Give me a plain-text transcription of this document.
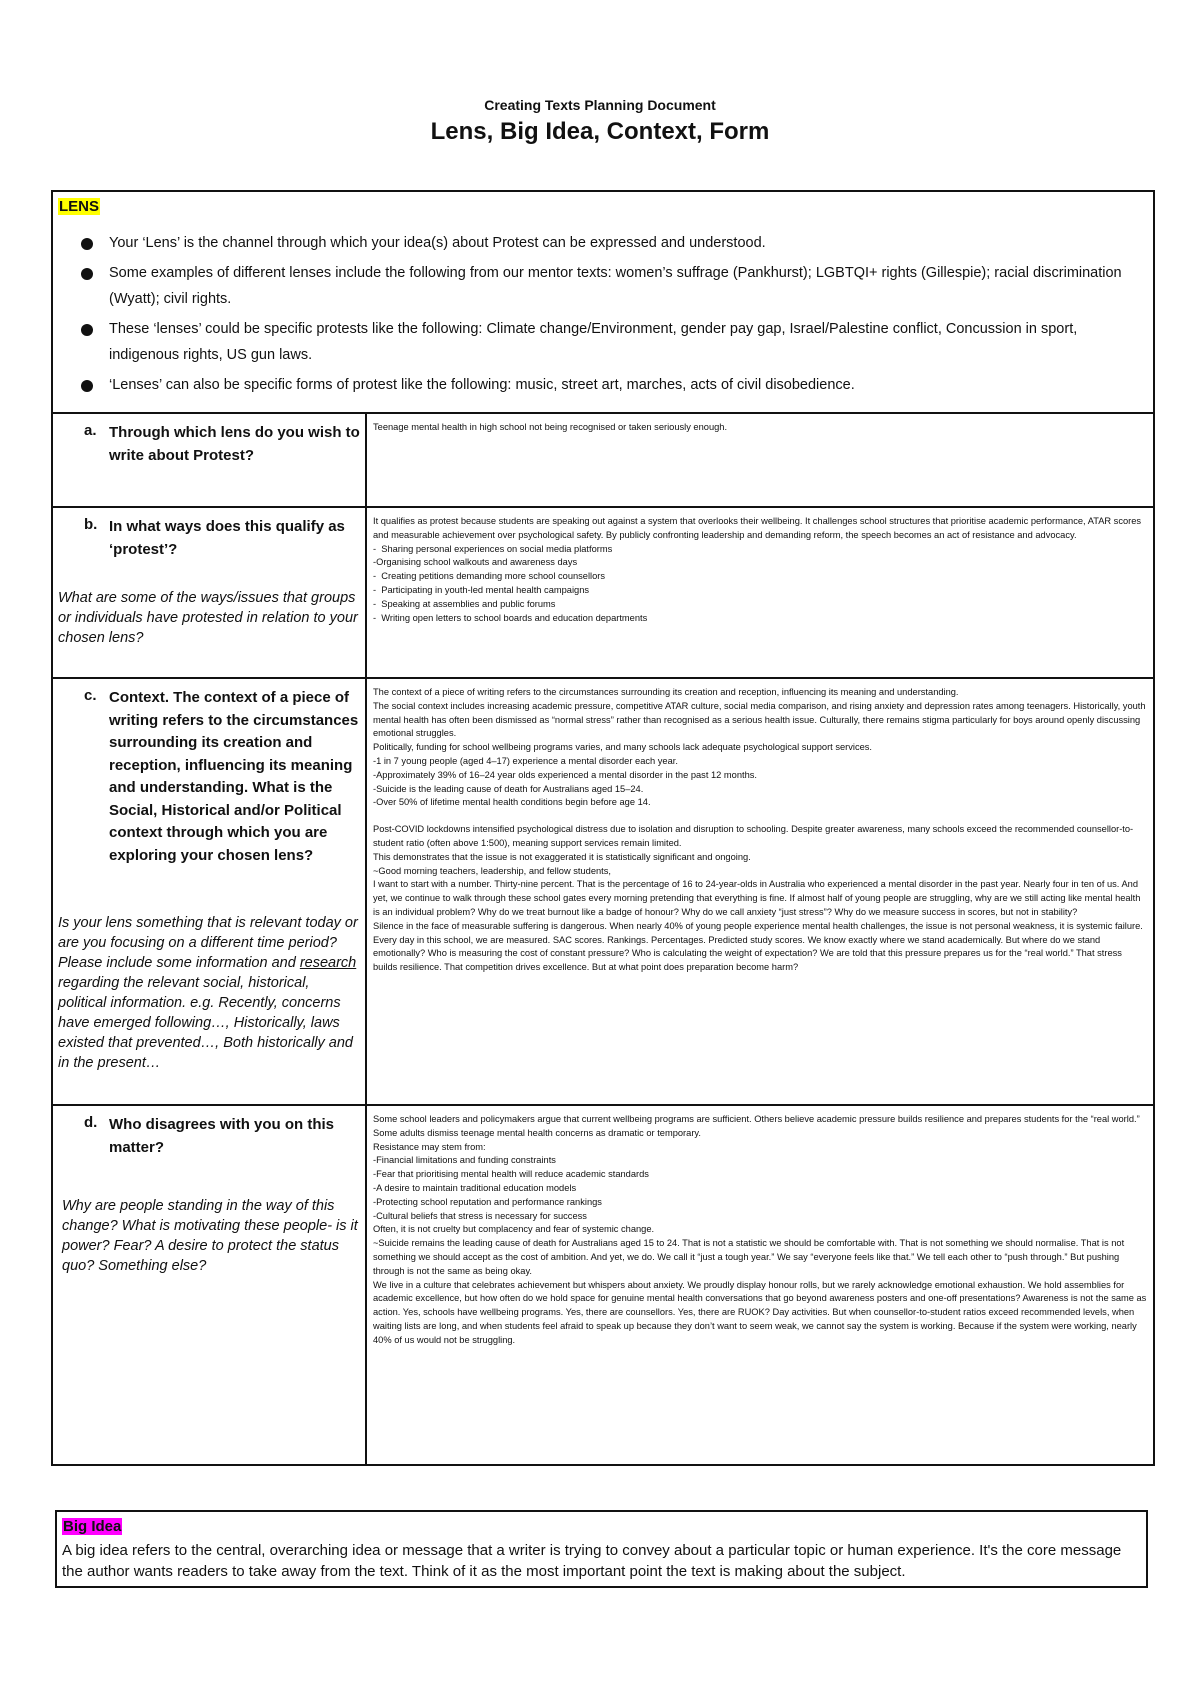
Creating Texts Planning Document
Lens, Big Idea, Context, Form
LENS
Your ‘Lens’ is the channel through which your idea(s) about Protest can be expressed and understood.
Some examples of different lenses include the following from our mentor texts: women’s suffrage (Pankhurst); LGBTQI+ rights (Gillespie); racial discrimination (Wyatt); civil rights.
These ‘lenses’ could be specific protests like the following: Climate change/Environment, gender pay gap, Israel/Palestine conflict, Concussion in sport, indigenous rights, US gun laws.
‘Lenses’ can also be specific forms of protest like the following: music, street art, marches, acts of civil disobedience.
a. Through which lens do you wish to write about Protest?

Teenage mental health in high school not being recognised or taken seriously enough.

b. In what ways does this qualify as ‘protest’?
What are some of the ways/issues that groups or individuals have protested in relation to your chosen lens?

It qualifies as protest because students are speaking out against a system that overlooks their wellbeing. It challenges school structures that prioritise academic performance, ATAR scores and measurable achievement over psychological safety. By publicly confronting leadership and demanding reform, the speech becomes an act of resistance and advocacy.

-  Sharing personal experiences on social media platforms

-Organising school walkouts and awareness days

-  Creating petitions demanding more school counsellors

-  Participating in youth-led mental health campaigns

-  Speaking at assemblies and public forums

-  Writing open letters to school boards and education departments

c. Context. The context of a piece of writing refers to the circumstances surrounding its creation and reception, influencing its meaning and understanding. What is the Social, Historical and/or Political context through which you are exploring your chosen lens?
Is your lens something that is relevant today or are you focusing on a different time period? Please include some information and research regarding the relevant social, historical, political information. e.g. Recently, concerns have emerged following…, Historically, laws existed that prevented…, Both historically and in the present…

The context of a piece of writing refers to the circumstances surrounding its creation and reception, influencing its meaning and understanding.

The social context includes increasing academic pressure, competitive ATAR culture, social media comparison, and rising anxiety and depression rates among teenagers. Historically, youth mental health has often been dismissed as “normal stress” rather than recognised as a serious health issue. Culturally, there remains stigma particularly for boys around openly discussing emotional struggles.

Politically, funding for school wellbeing programs varies, and many schools lack adequate psychological support services.

-1 in 7 young people (aged 4–17) experience a mental disorder each year.

-Approximately 39% of 16–24 year olds experienced a mental disorder in the past 12 months.

-Suicide is the leading cause of death for Australians aged 15–24.

-Over 50% of lifetime mental health conditions begin before age 14.

Post-COVID lockdowns intensified psychological distress due to isolation and disruption to schooling. Despite greater awareness, many schools exceed the recommended counsellor-to-student ratio (often above 1:500), meaning support services remain limited.

This demonstrates that the issue is not exaggerated it is statistically significant and ongoing.

~Good morning teachers, leadership, and fellow students,

I want to start with a number. Thirty-nine percent. That is the percentage of 16 to 24-year-olds in Australia who experienced a mental disorder in the past year. Nearly four in ten of us. And yet, we continue to walk through these school gates every morning pretending that everything is fine. If almost half of young people are struggling, why are we still acting like mental health is an individual problem? Why do we treat burnout like a badge of honour? Why do we call anxiety “just stress”? Why do we measure success in scores, but not in stability?

Silence in the face of measurable suffering is dangerous. When nearly 40% of young people experience mental health challenges, the issue is not personal weakness, it is systemic failure. Every day in this school, we are measured. SAC scores. Rankings. Percentages. Predicted study scores. We know exactly where we stand academically. But where do we stand emotionally? Who is measuring the cost of constant pressure? Who is calculating the weight of expectation? We are told that this pressure prepares us for the “real world.” That stress builds resilience. That competition drives excellence. But at what point does preparation become harm?

d. Who disagrees with you on this matter?
Why are people standing in the way of this change? What is motivating these people- is it power? Fear? A desire to protect the status quo? Something else?

Some school leaders and policymakers argue that current wellbeing programs are sufficient. Others believe academic pressure builds resilience and prepares students for the “real world.” Some adults dismiss teenage mental health concerns as dramatic or temporary.

Resistance may stem from:

-Financial limitations and funding constraints

-Fear that prioritising mental health will reduce academic standards

-A desire to maintain traditional education models

-Protecting school reputation and performance rankings

-Cultural beliefs that stress is necessary for success

Often, it is not cruelty but complacency and fear of systemic change.

~Suicide remains the leading cause of death for Australians aged 15 to 24. That is not a statistic we should be comfortable with. That is not something we should normalise. That is not something we should accept as the cost of ambition. And yet, we do. We call it “just a tough year.” We say “everyone feels like that.” We tell each other to “push through.” But pushing through is not the same as being okay.

We live in a culture that celebrates achievement but whispers about anxiety. We proudly display honour rolls, but we rarely acknowledge emotional exhaustion. We hold assemblies for academic excellence, but how often do we hold space for genuine mental health conversations that go beyond awareness posters and one-off presentations? Awareness is not the same as action. Yes, schools have wellbeing programs. Yes, there are counsellors. Yes, there are RUOK? Day activities. But when counsellor-to-student ratios exceed recommended levels, when waiting lists are long, and when students feel afraid to speak up because they don’t want to seem weak, we cannot say the system is working. Because if the system were working, nearly 40% of us would not be struggling.

Big Idea
A big idea refers to the central, overarching idea or message that a writer is trying to convey about a particular topic or human experience. It's the core message the author wants readers to take away from the text. Think of it as the most important point the text is making about the subject.
